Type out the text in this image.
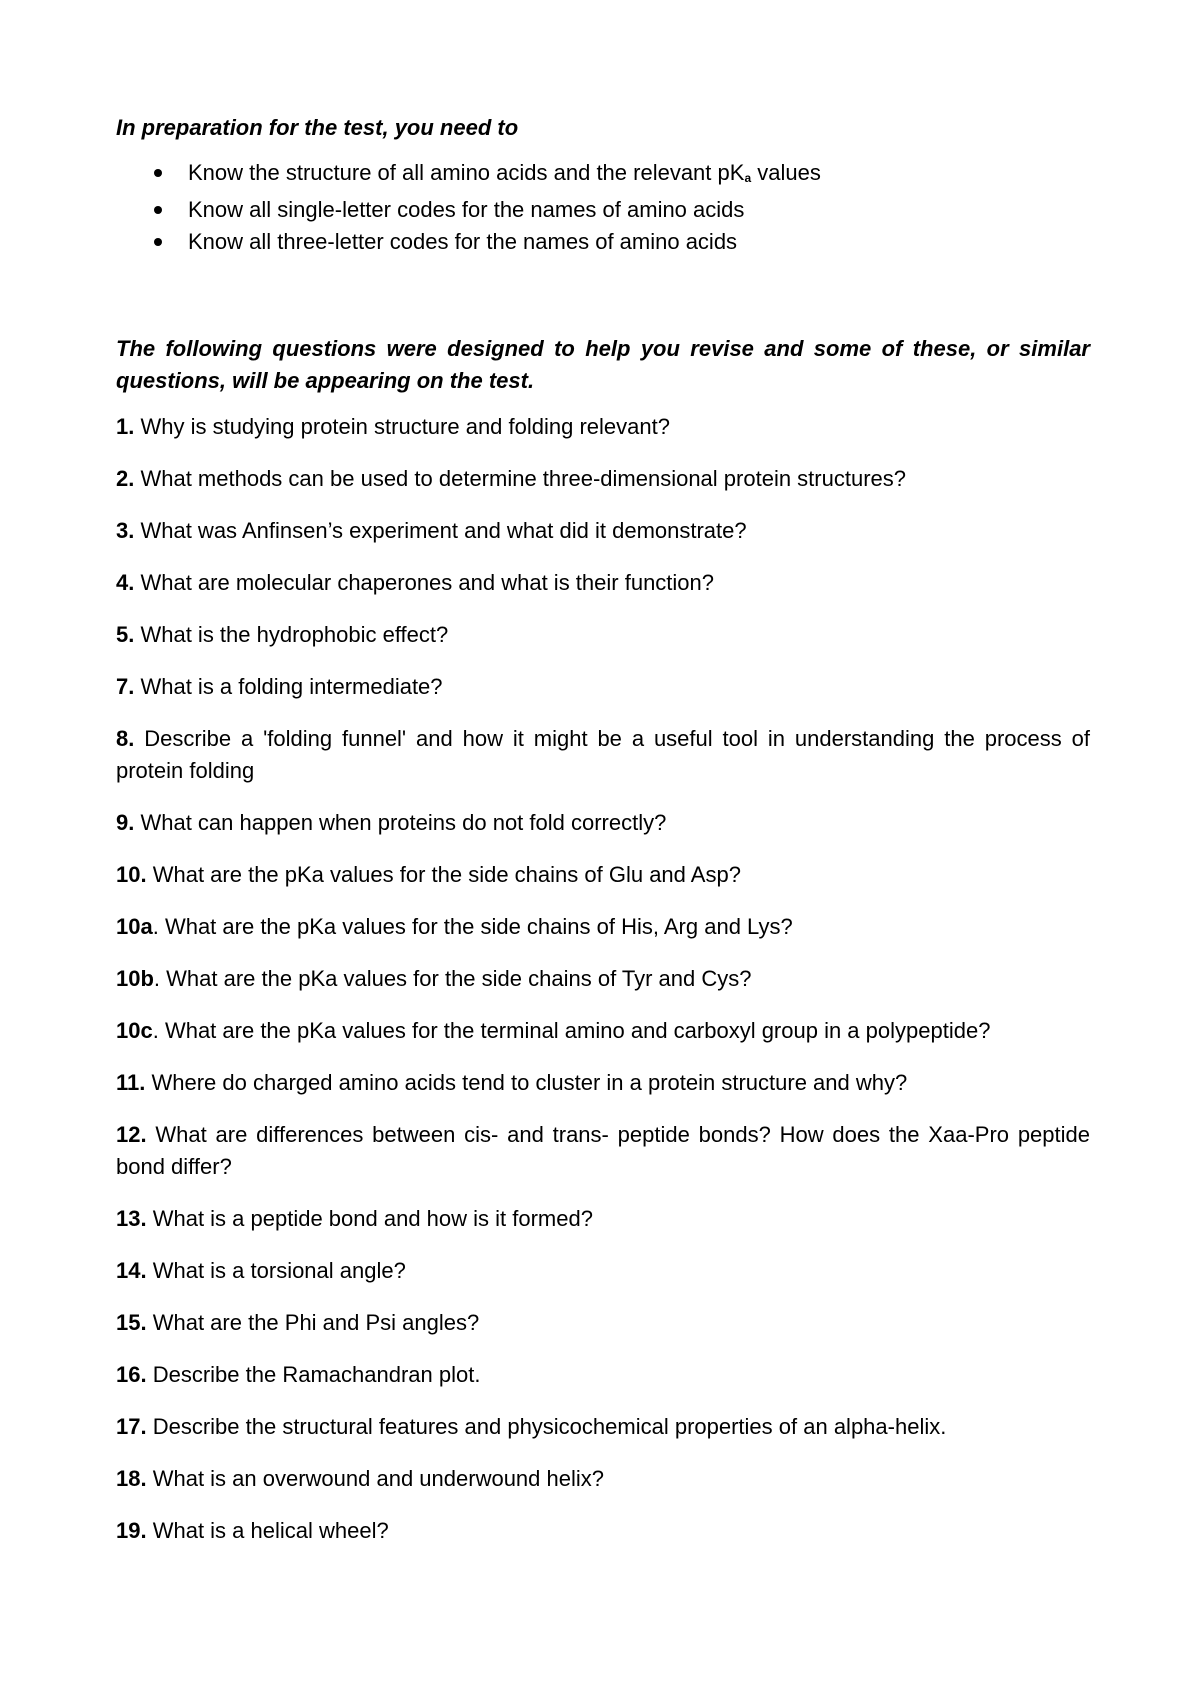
In preparation for the test, you need to

Know the structure of all amino acids and the relevant $pK_a$ values
Know all single-letter codes for the names of amino acids
Know all three-letter codes for the names of amino acids

The following questions were designed to help you revise and some of these, or similar questions, will be appearing on the test.

1. Why is studying protein structure and folding relevant?

2. What methods can be used to determine three-dimensional protein structures?

3. What was Anfinsen’s experiment and what did it demonstrate?

4. What are molecular chaperones and what is their function?

5. What is the hydrophobic effect?

7. What is a folding intermediate?

8. Describe a 'folding funnel' and how it might be a useful tool in understanding the process of protein folding

9. What can happen when proteins do not fold correctly?

10. What are the pKa values for the side chains of Glu and Asp?

10a. What are the pKa values for the side chains of His, Arg and Lys?

10b. What are the pKa values for the side chains of Tyr and Cys?

10c. What are the pKa values for the terminal amino and carboxyl group in a polypeptide?

11. Where do charged amino acids tend to cluster in a protein structure and why?

12. What are differences between cis- and trans- peptide bonds? How does the Xaa-Pro peptide bond differ?

13. What is a peptide bond and how is it formed?

14. What is a torsional angle?

15. What are the Phi and Psi angles?

16. Describe the Ramachandran plot.

17. Describe the structural features and physicochemical properties of an alpha-helix.

18. What is an overwound and underwound helix?

19. What is a helical wheel?
